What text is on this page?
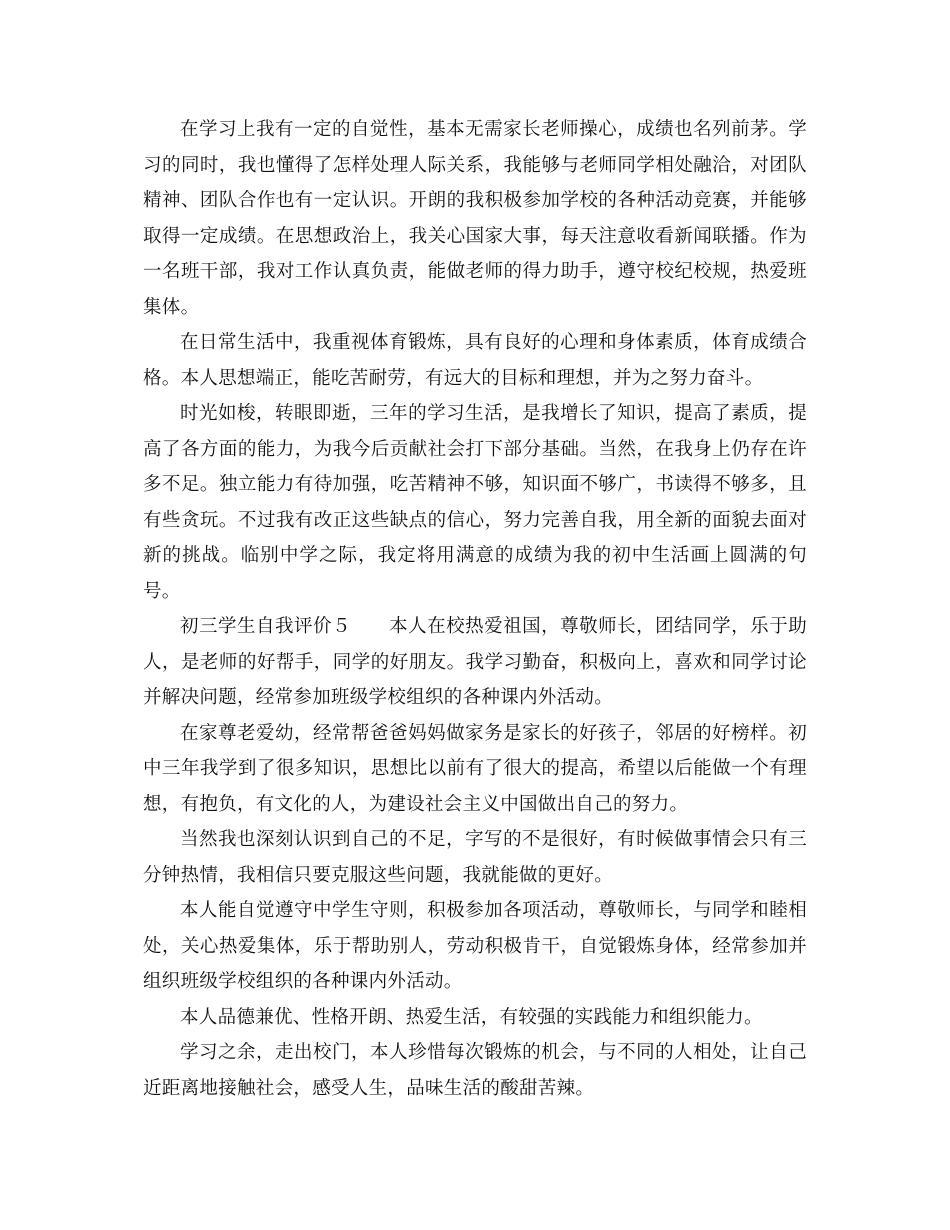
在学习上我有一定的自觉性，基本无需家长老师操心，成绩也名列前茅。学习的同时，我也懂得了怎样处理人际关系，我能够与老师同学相处融洽，对团队精神、团队合作也有一定认识。开朗的我积极参加学校的各种活动竞赛，并能够取得一定成绩。在思想政治上，我关心国家大事，每天注意收看新闻联播。作为一名班干部，我对工作认真负责，能做老师的得力助手，遵守校纪校规，热爱班集体。

在日常生活中，我重视体育锻炼，具有良好的心理和身体素质，体育成绩合格。本人思想端正，能吃苦耐劳，有远大的目标和理想，并为之努力奋斗。

时光如梭，转眼即逝，三年的学习生活，是我增长了知识，提高了素质，提高了各方面的能力，为我今后贡献社会打下部分基础。当然，在我身上仍存在许多不足。独立能力有待加强，吃苦精神不够，知识面不够广，书读得不够多，且有些贪玩。不过我有改正这些缺点的信心，努力完善自我，用全新的面貌去面对新的挑战。临别中学之际，我定将用满意的成绩为我的初中生活画上圆满的句号。

初三学生自我评价５　　本人在校热爱祖国，尊敬师长，团结同学，乐于助人，是老师的好帮手，同学的好朋友。我学习勤奋，积极向上，喜欢和同学讨论并解决问题，经常参加班级学校组织的各种课内外活动。

在家尊老爱幼，经常帮爸爸妈妈做家务是家长的好孩子，邻居的好榜样。初中三年我学到了很多知识，思想比以前有了很大的提高，希望以后能做一个有理想，有抱负，有文化的人，为建设社会主义中国做出自己的努力。

当然我也深刻认识到自己的不足，字写的不是很好，有时候做事情会只有三分钟热情，我相信只要克服这些问题，我就能做的更好。

本人能自觉遵守中学生守则，积极参加各项活动，尊敬师长，与同学和睦相处，关心热爱集体，乐于帮助别人，劳动积极肯干，自觉锻炼身体，经常参加并组织班级学校组织的各种课内外活动。

本人品德兼优、性格开朗、热爱生活，有较强的实践能力和组织能力。

学习之余，走出校门，本人珍惜每次锻炼的机会，与不同的人相处，让自己近距离地接触社会，感受人生，品味生活的酸甜苦辣。
